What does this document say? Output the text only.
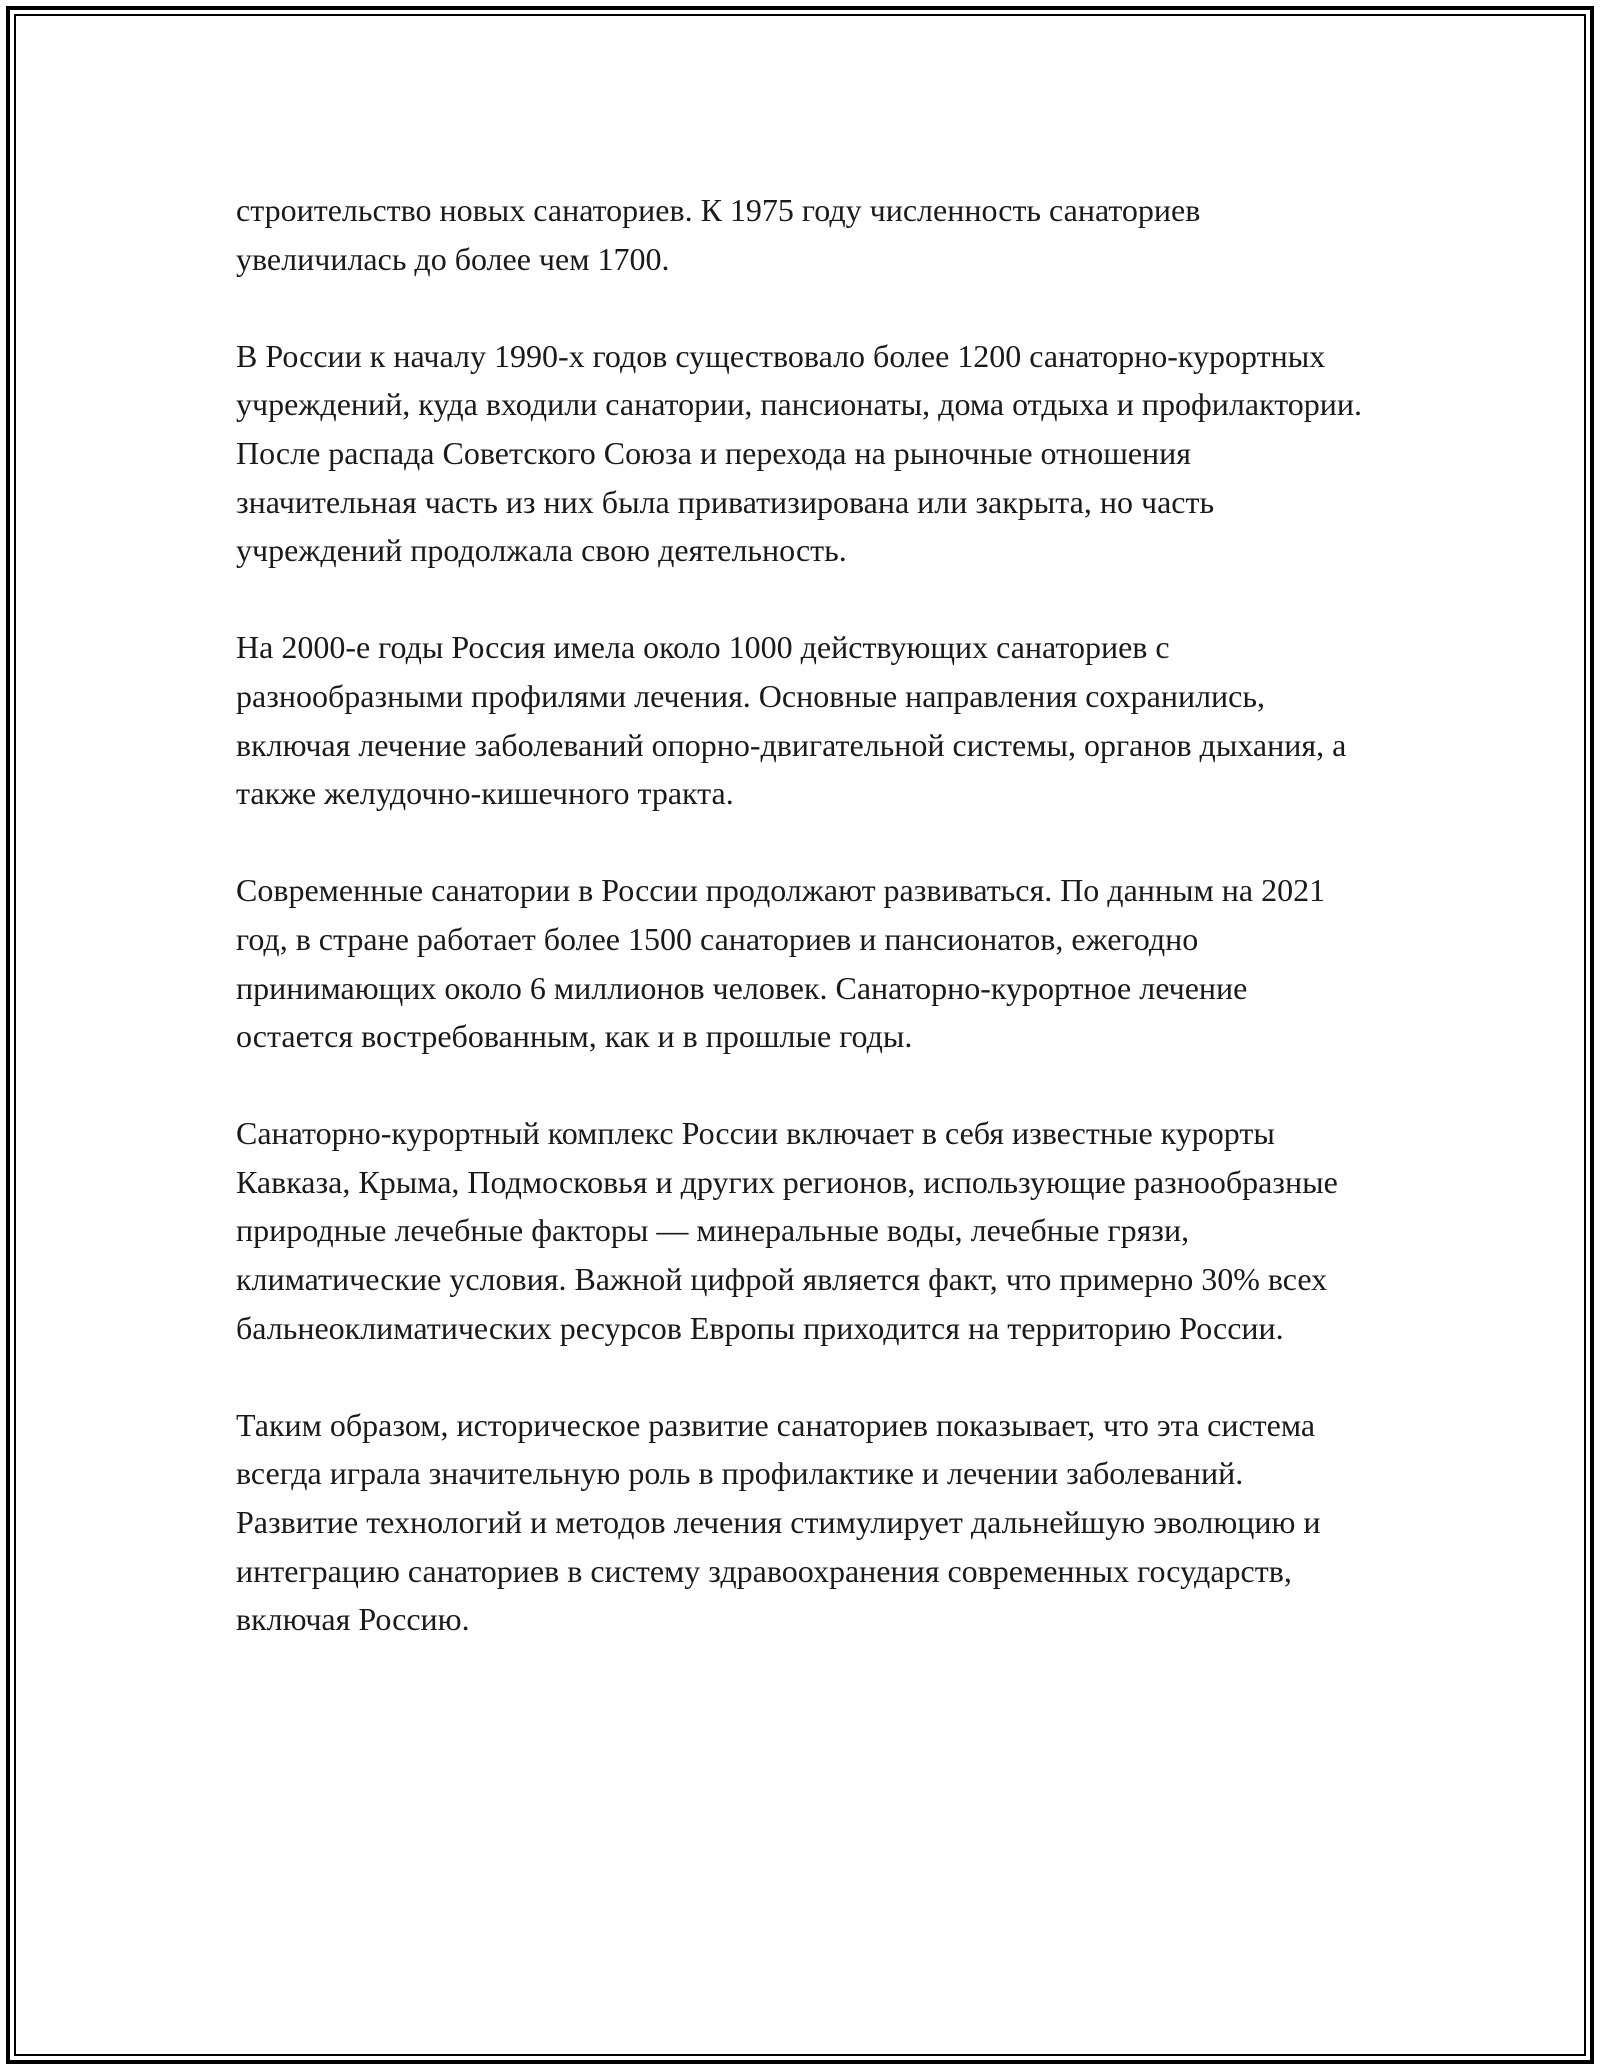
строительство новых санаториев. К 1975 году численность санаториев увеличилась до более чем 1700.

В России к началу 1990-х годов существовало более 1200 санаторно-курортных учреждений, куда входили санатории, пансионаты, дома отдыха и профилактории. После распада Советского Союза и перехода на рыночные отношения значительная часть из них была приватизирована или закрыта, но часть учреждений продолжала свою деятельность.

На 2000-е годы Россия имела около 1000 действующих санаториев с разнообразными профилями лечения. Основные направления сохранились, включая лечение заболеваний опорно-двигательной системы, органов дыхания, а также желудочно-кишечного тракта.

Современные санатории в России продолжают развиваться. По данным на 2021 год, в стране работает более 1500 санаториев и пансионатов, ежегодно принимающих около 6 миллионов человек. Санаторно-курортное лечение остается востребованным, как и в прошлые годы.

Санаторно-курортный комплекс России включает в себя известные курорты Кавказа, Крыма, Подмосковья и других регионов, использующие разнообразные природные лечебные факторы — минеральные воды, лечебные грязи, климатические условия. Важной цифрой является факт, что примерно 30% всех бальнеоклиматических ресурсов Европы приходится на территорию России.

Таким образом, историческое развитие санаториев показывает, что эта система всегда играла значительную роль в профилактике и лечении заболеваний. Развитие технологий и методов лечения стимулирует дальнейшую эволюцию и интеграцию санаториев в систему здравоохранения современных государств, включая Россию.
